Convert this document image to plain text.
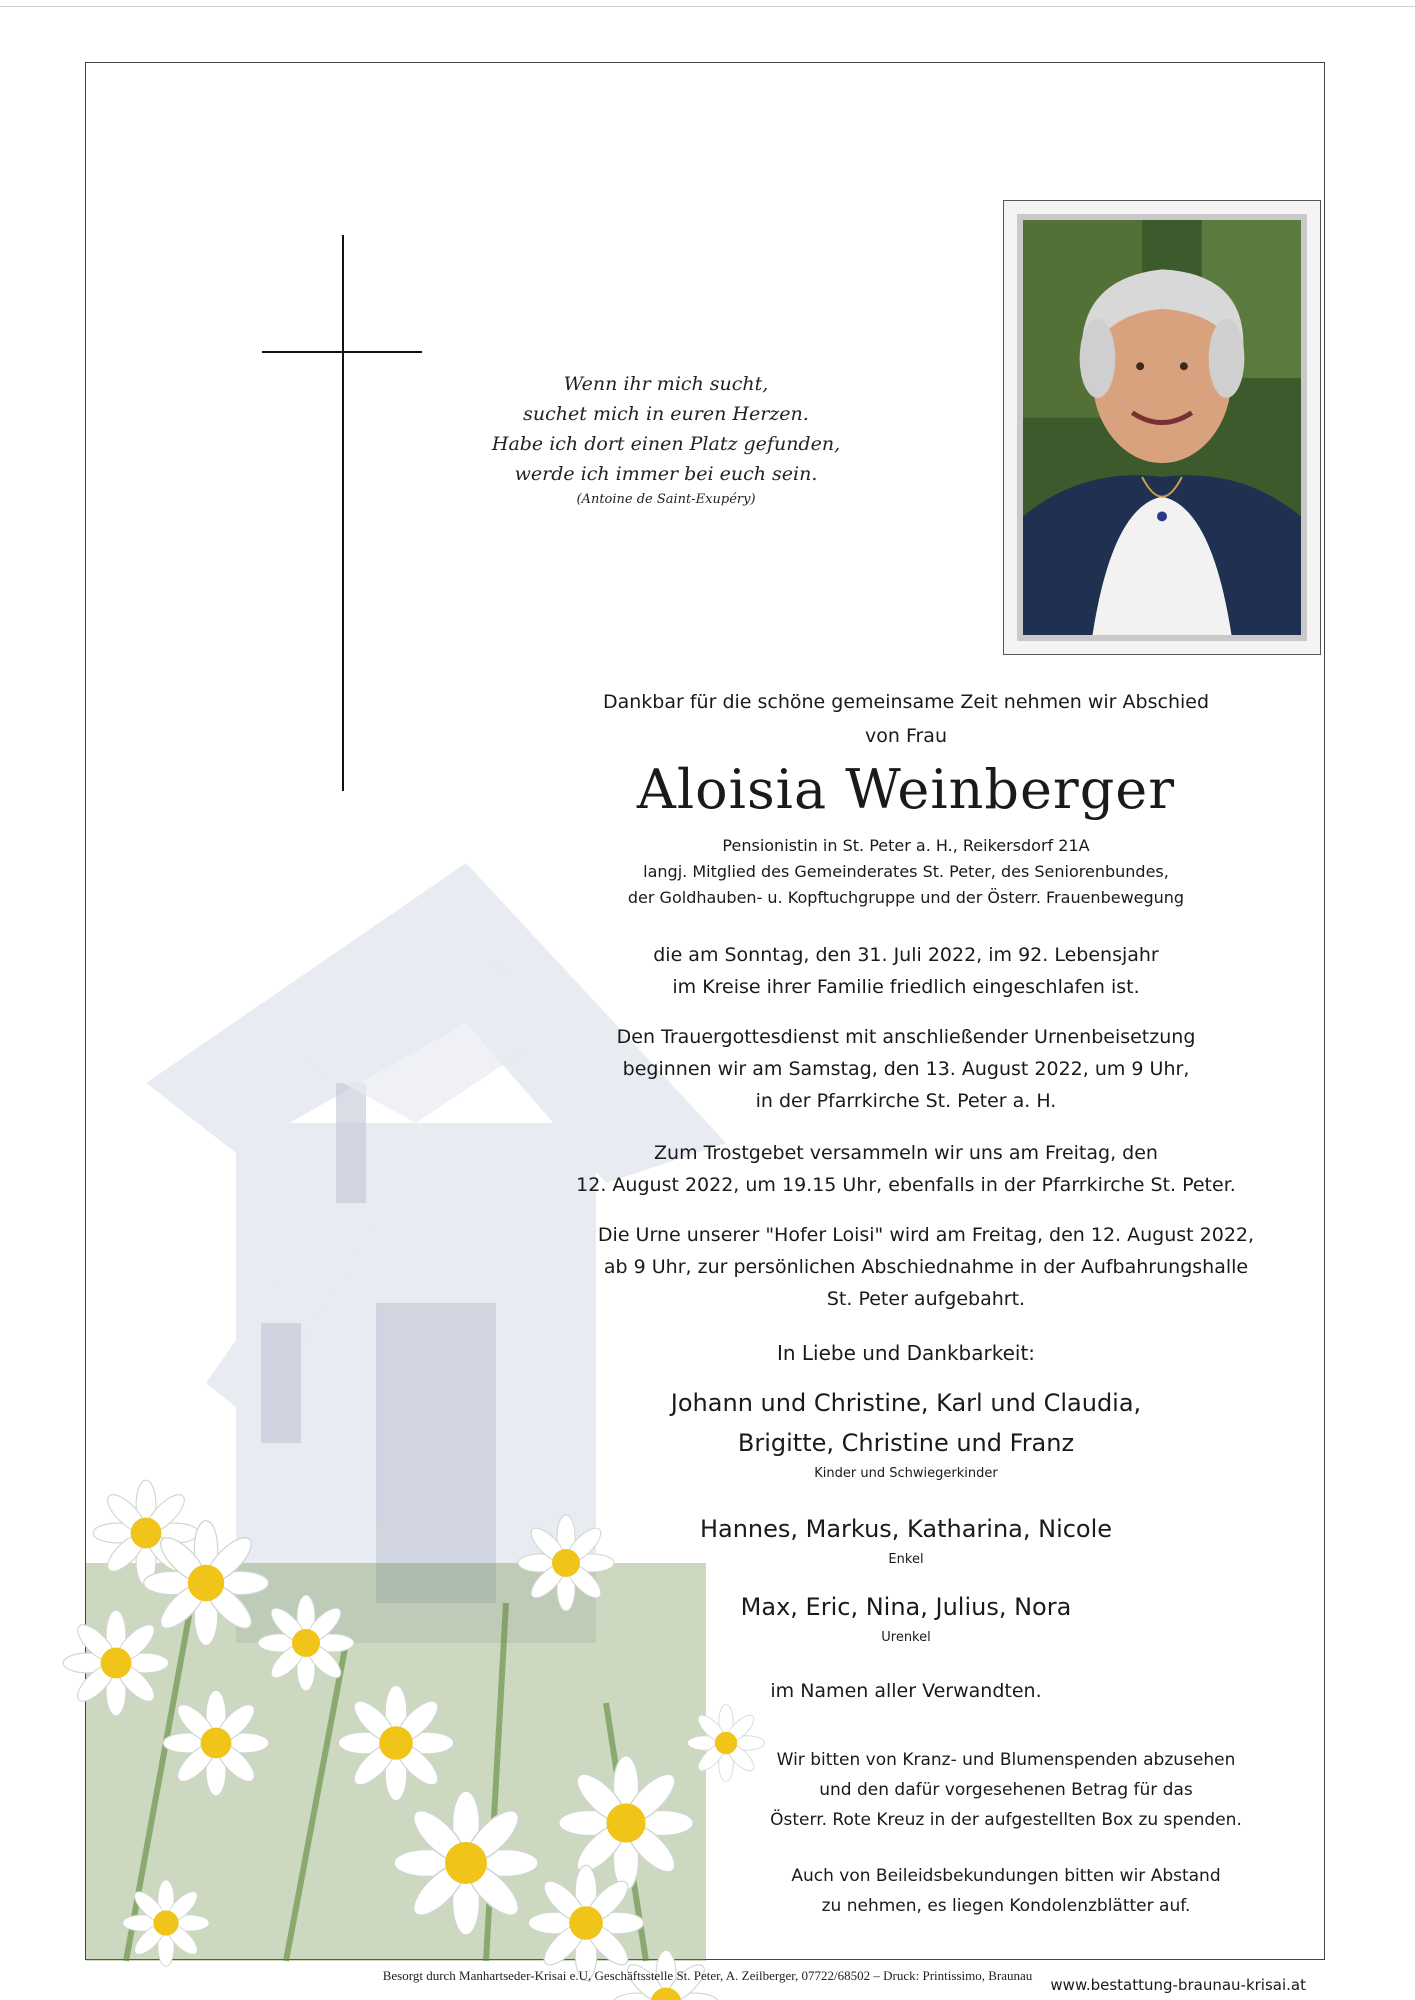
Wenn ihr mich sucht,
suchet mich in euren Herzen.
Habe ich dort einen Platz gefunden,
werde ich immer bei euch sein.
(Antoine de Saint-Exupéry)
Dankbar für die schöne gemeinsame Zeit nehmen wir Abschied
von Frau
Aloisia Weinberger
Pensionistin in St. Peter a. H., Reikersdorf 21A
langj. Mitglied des Gemeinderates St. Peter, des Seniorenbundes,
der Goldhauben- u. Kopftuchgruppe und der Österr. Frauenbewegung
die am Sonntag, den 31. Juli 2022, im 92. Lebensjahr
im Kreise ihrer Familie friedlich eingeschlafen ist.
Den Trauergottesdienst mit anschließender Urnenbeisetzung
beginnen wir am Samstag, den 13. August 2022, um 9 Uhr,
in der Pfarrkirche St. Peter a. H.
Zum Trostgebet versammeln wir uns am Freitag, den
12. August 2022, um 19.15 Uhr, ebenfalls in der Pfarrkirche St. Peter.
Die Urne unserer "Hofer Loisi" wird am Freitag, den 12. August 2022,
ab 9 Uhr, zur persönlichen Abschiednahme in der Aufbahrungshalle
St. Peter aufgebahrt.
In Liebe und Dankbarkeit:
Johann und Christine, Karl und Claudia,
Brigitte, Christine und Franz
Kinder und Schwiegerkinder
Hannes, Markus, Katharina, Nicole
Enkel
Max, Eric, Nina, Julius, Nora
Urenkel
im Namen aller Verwandten.
Wir bitten von Kranz- und Blumenspenden abzusehen
und den dafür vorgesehenen Betrag für das
Österr. Rote Kreuz in der aufgestellten Box zu spenden.
Auch von Beileidsbekundungen bitten wir Abstand
zu nehmen, es liegen Kondolenzblätter auf.
www.bestattung-braunau-krisai.at
Besorgt durch Manhartseder-Krisai e.U, Geschäftsstelle St. Peter, A. Zeilberger, 07722/68502 – Druck: Printissimo, Braunau
